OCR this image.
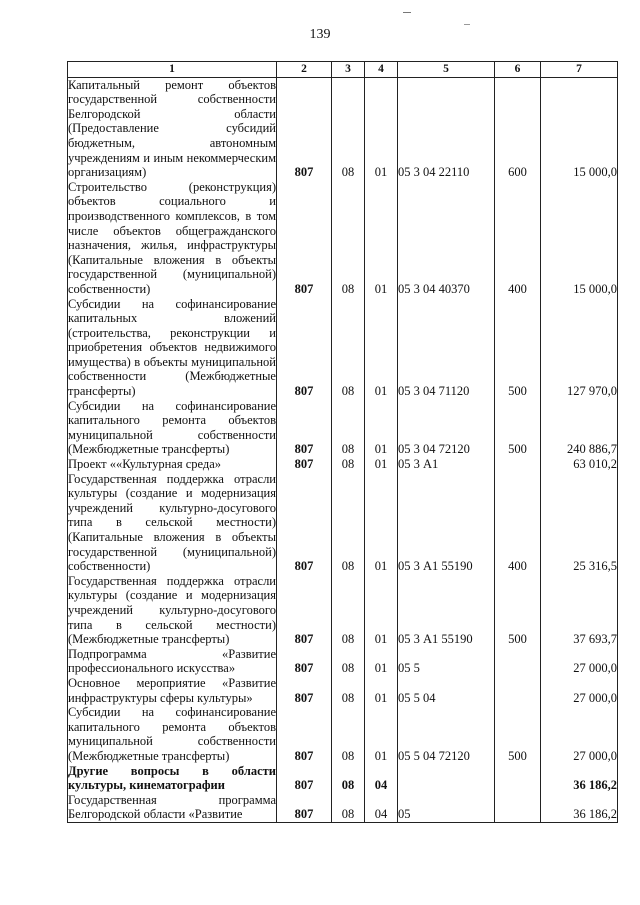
139
1	2	3	4	5	6	7
Капитальный ремонт объектов государственной собственности Белгородской области (Предоставление субсидий бюджетным, автономным учреждениям и иным некоммерческим организациям)	807	08	01	05 3 04 22110	600	15 000,0
Строительство (реконструкция) объектов социального и производственного комплексов, в том числе объектов общегражданского назначения, жилья, инфраструктуры (Капитальные вложения в объекты государственной (муниципальной) собственности)	807	08	01	05 3 04 40370	400	15 000,0
Субсидии на софинансирование капитальных вложений (строительства, реконструкции и приобретения объектов недвижимого имущества) в объекты муниципальной собственности (Межбюджетные трансферты)	807	08	01	05 3 04 71120	500	127 970,0
Субсидии на софинансирование капитального ремонта объектов муниципальной собственности (Межбюджетные трансферты)	807	08	01	05 3 04 72120	500	240 886,7
Проект ««Культурная среда»	807	08	01	05 3 А1		63 010,2
Государственная поддержка отрасли культуры (создание и модернизация учреждений культурно-досугового типа в сельской местности) (Капитальные вложения в объекты государственной (муниципальной) собственности)	807	08	01	05 3 А1 55190	400	25 316,5
Государственная поддержка отрасли культуры (создание и модернизация учреждений культурно-досугового типа в сельской местности) (Межбюджетные трансферты)	807	08	01	05 3 А1 55190	500	37 693,7
Подпрограмма «Развитие профессионального искусства»	807	08	01	05 5		27 000,0
Основное мероприятие «Развитие инфраструктуры сферы культуры»	807	08	01	05 5 04		27 000,0
Субсидии на софинансирование капитального ремонта объектов муниципальной собственности (Межбюджетные трансферты)	807	08	01	05 5 04 72120	500	27 000,0
Другие вопросы в области культуры, кинематографии	807	08	04			36 186,2
Государственная программа Белгородской области «Развитие	807	08	04	05		36 186,2
